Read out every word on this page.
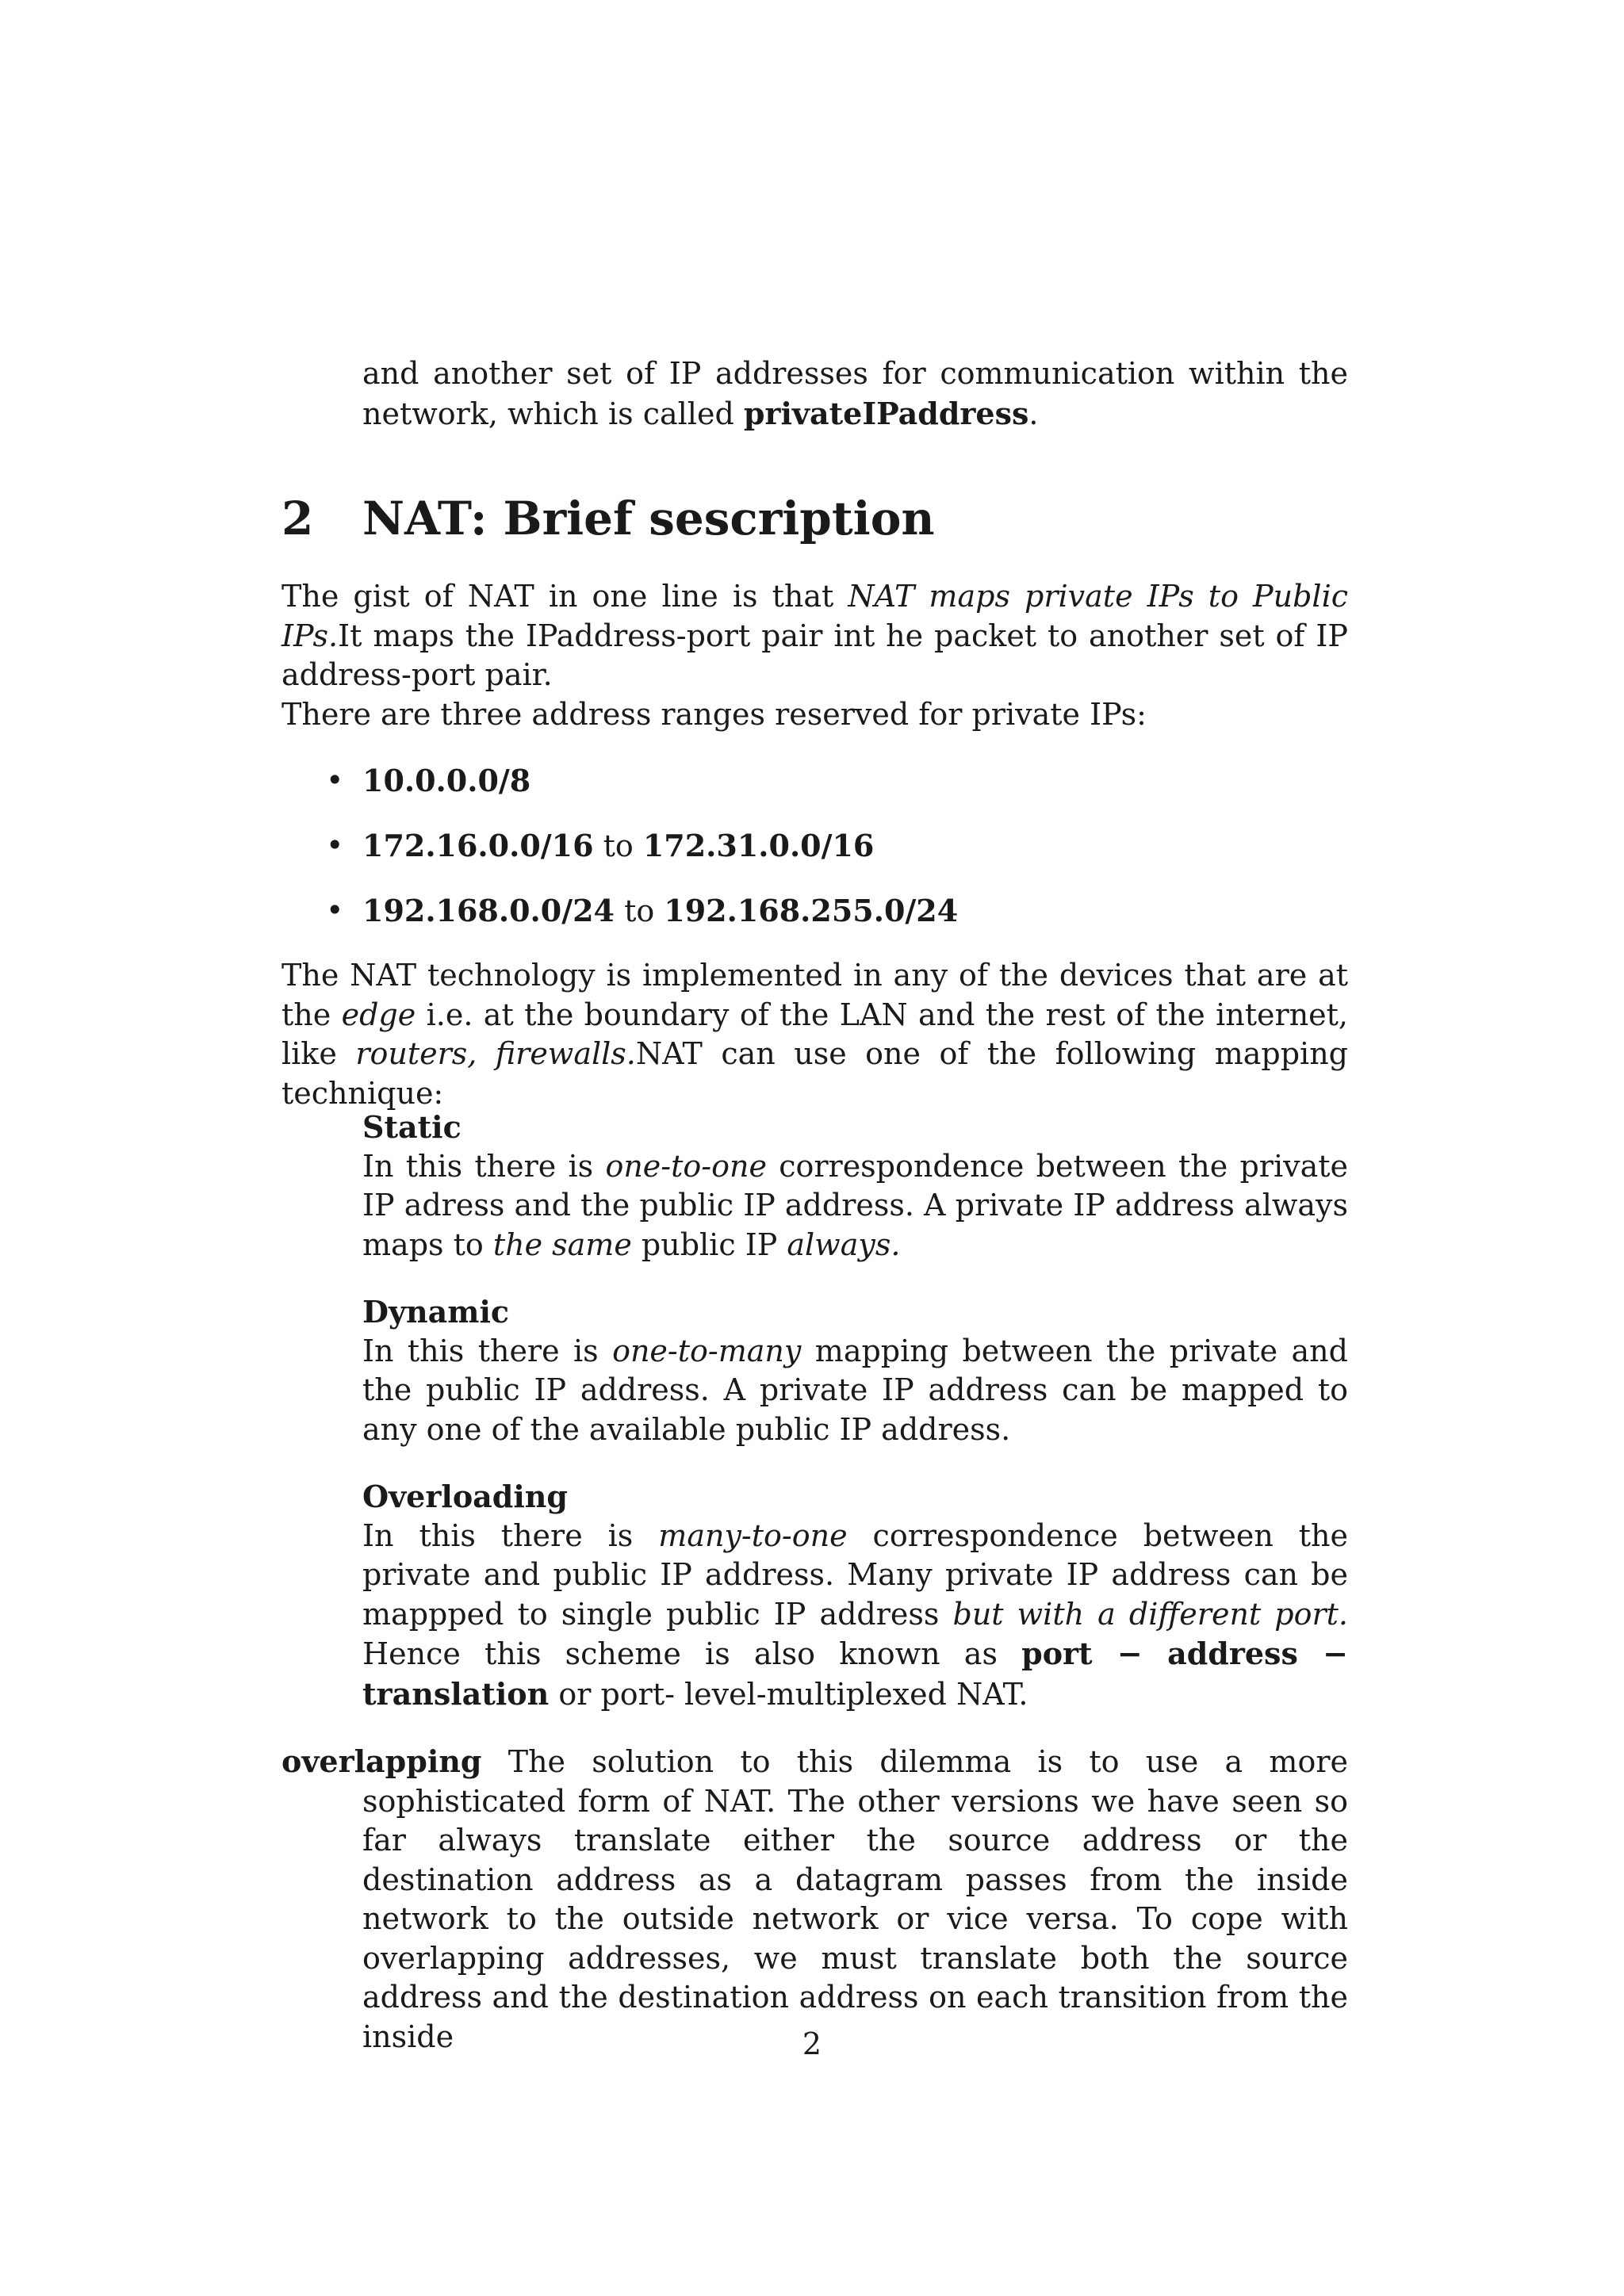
and another set of IP addresses for communication within the network, which is called privateIPaddress.

2 NAT: Brief sescription

The gist of NAT in one line is that NAT maps private IPs to Public IPs.It maps the IPaddress-port pair int he packet to another set of IP address-port pair.

There are three address ranges reserved for private IPs:

• 10.0.0.0/8
• 172.16.0.0/16 to 172.31.0.0/16
• 192.168.0.0/24 to 192.168.255.0/24

The NAT technology is implemented in any of the devices that are at the edge i.e. at the boundary of the LAN and the rest of the internet, like routers, firewalls.NAT can use one of the following mapping technique:

Static

In this there is one-to-one correspondence between the private IP adress and the public IP address. A private IP address always maps to the same public IP always.

Dynamic

In this there is one-to-many mapping between the private and the public IP address. A private IP address can be mapped to any one of the available public IP address.

Overloading

In this there is many-to-one correspondence between the private and public IP address. Many private IP address can be mappped to single public IP address but with a different port. Hence this scheme is also known as port − address − translation or port- level-multiplexed NAT.

overlapping The solution to this dilemma is to use a more sophisticated form of NAT. The other versions we have seen so far always translate either the source address or the destination address as a datagram passes from the inside network to the outside network or vice versa. To cope with overlapping addresses, we must translate both the source address and the destination address on each transition from the inside	2
